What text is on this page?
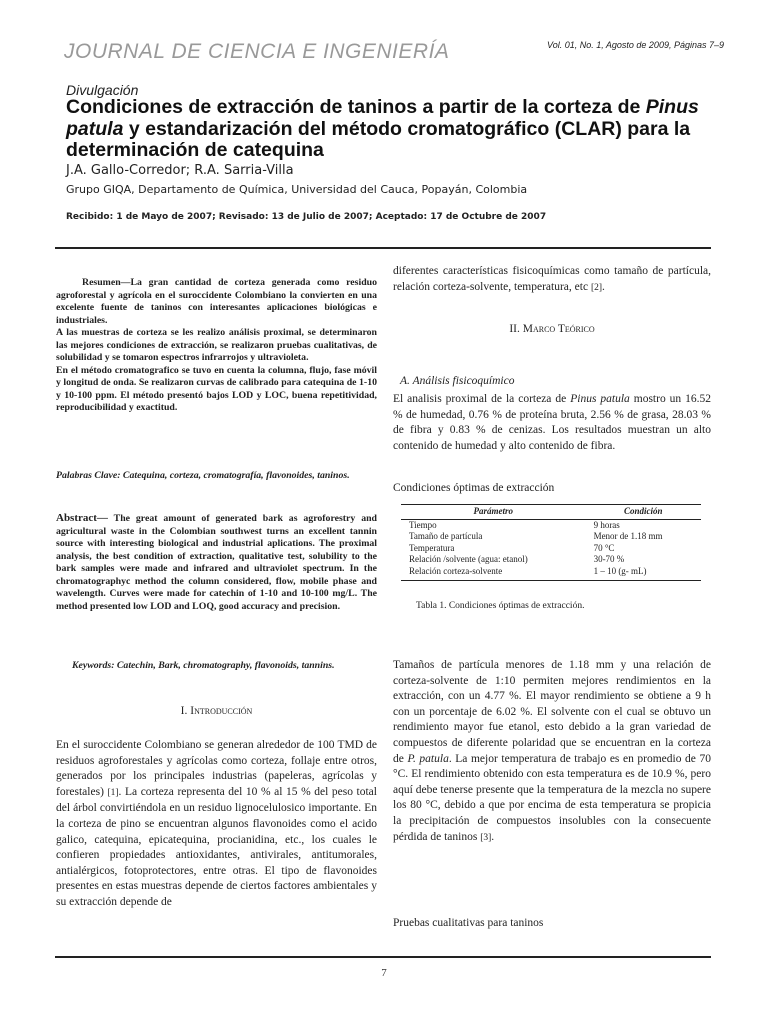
JOURNAL DE CIENCIA E INGENIERÍA	Vol. 01, No. 1, Agosto de 2009, Páginas 7–9
Divulgación
Condiciones de extracción de taninos a partir de la corteza de Pinus patula y estandarización del método cromatográfico (CLAR) para la determinación de catequina
J.A. Gallo-Corredor; R.A. Sarria-Villa
Grupo GIQA, Departamento de Química, Universidad del Cauca, Popayán, Colombia
Recibido: 1 de Mayo de 2007; Revisado: 13 de Julio de 2007; Aceptado: 17 de Octubre de 2007
Resumen—La gran cantidad de corteza generada como residuo agroforestal y agrícola en el suroccidente Colombiano la convierten en una excelente fuente de taninos con interesantes aplicaciones biológicas e industriales.
A las muestras de corteza se les realizo análisis proximal, se determinaron las mejores condiciones de extracción, se realizaron pruebas cualitativas, de solubilidad y se tomaron espectros infrarrojos y ultravioleta.
En el método cromatografico se tuvo en cuenta la columna, flujo, fase móvil y longitud de onda. Se realizaron curvas de calibrado para catequina de 1-10 y 10-100 ppm. El método presentó bajos LOD y LOC, buena repetitividad, reproducibilidad y exactitud.
Palabras Clave: Catequina, corteza, cromatografía, flavonoides, taninos.
Abstract— The great amount of generated bark as agroforestry and agricultural waste in the Colombian southwest turns an excellent tannin source with interesting biological and industrial aplications. The proximal analysis, the best condition of extraction, qualitative test, solubility to the bark samples were made and infrared and ultraviolet spectrum. In the chromatographyc method the column considered, flow, mobile phase and wavelength. Curves were made for catechin of 1-10 and 10-100 mg/L. The method presented low LOD and LOQ, good accuracy and precision.
Keywords: Catechin, Bark, chromatography, flavonoids, tannins.
I. Introducción
En el suroccidente Colombiano se generan alrededor de 100 TMD de residuos agroforestales y agrícolas como corteza, follaje entre otros, generados por los principales industrias (papeleras, agrícolas y forestales) [1]. La corteza representa del 10 % al 15 % del peso total del árbol convirtiéndola en un residuo lignocelulosico importante. En la corteza de pino se encuentran algunos flavonoides como el acido galico, catequina, epicatequina, procianidina, etc., los cuales le confieren propiedades antioxidantes, antivirales, antitumorales, antialérgicos, fotoprotectores, entre otras. El tipo de flavonoides presentes en estas muestras depende de ciertos factores ambientales y su extracción depende de
diferentes características fisicoquímicas como tamaño de partícula, relación corteza-solvente, temperatura, etc [2].
II. Marco Teórico
A. Análisis fisicoquímico
El analisis proximal de la corteza de Pinus patula mostro un 16.52 % de humedad, 0.76 % de proteína bruta, 2.56 % de grasa, 28.03 % de fibra y 0.83 % de cenizas. Los resultados muestran un alto contenido de humedad y alto contenido de fibra.
Condiciones óptimas de extracción
Parámetro	Condición
Tiempo	9 horas
Tamaño de partícula	Menor de 1.18 mm
Temperatura	70 °C
Relación /solvente (agua: etanol)	30-70 %
Relación corteza-solvente	1 – 10 (g- mL)
Tabla 1. Condiciones óptimas de extracción.
Tamaños de partícula menores de 1.18 mm y una relación de corteza-solvente de 1:10 permiten mejores rendimientos en la extracción, con un 4.77 %. El mayor rendimiento se obtiene a 9 h con un porcentaje de 6.02 %. El solvente con el cual se obtuvo un rendimiento mayor fue etanol, esto debido a la gran variedad de compuestos de diferente polaridad que se encuentran en la corteza de P. patula. La mejor temperatura de trabajo es en promedio de 70 °C. El rendimiento obtenido con esta temperatura es de 10.9 %, pero aquí debe tenerse presente que la temperatura de la mezcla no supere los 80 °C, debido a que por encima de esta temperatura se propicia la precipitación de compuestos insolubles con la consecuente pérdida de taninos [3].
Pruebas cualitativas para taninos
7
